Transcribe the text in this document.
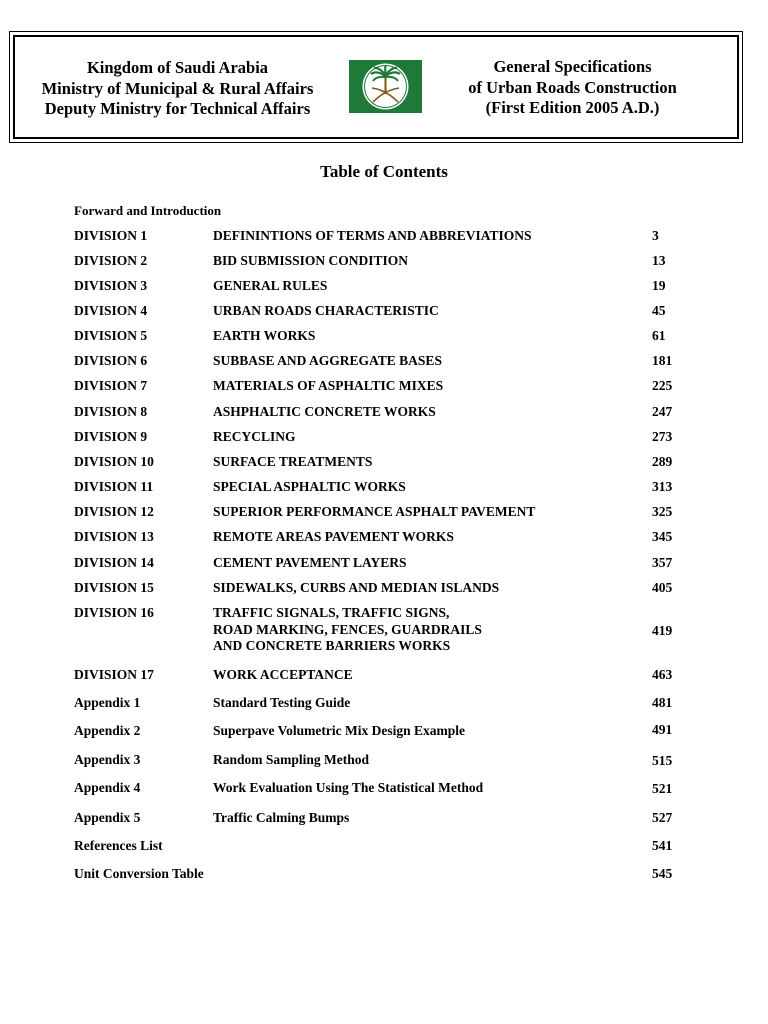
Kingdom of Saudi Arabia
Ministry of Municipal & Rural Affairs
Deputy Ministry for Technical Affairs
General Specifications
of Urban Roads Construction
(First Edition 2005 A.D.)
Table of Contents
Forward and Introduction
DIVISION 1	DEFININTIONS OF TERMS AND ABBREVIATIONS	3
DIVISION 2	BID SUBMISSION CONDITION	13
DIVISION 3	GENERAL RULES	19
DIVISION 4	URBAN ROADS CHARACTERISTIC	45
DIVISION 5	EARTH WORKS	61
DIVISION 6	SUBBASE AND AGGREGATE BASES	181
DIVISION 7	MATERIALS OF ASPHALTIC MIXES	225
DIVISION 8	ASHPHALTIC CONCRETE WORKS	247
DIVISION 9	RECYCLING	273
DIVISION 10	SURFACE TREATMENTS	289
DIVISION 11	SPECIAL ASPHALTIC WORKS	313
DIVISION 12	SUPERIOR PERFORMANCE ASPHALT PAVEMENT	325
DIVISION 13	REMOTE AREAS PAVEMENT WORKS	345
DIVISION 14	CEMENT PAVEMENT LAYERS	357
DIVISION 15	SIDEWALKS, CURBS AND MEDIAN ISLANDS	405
DIVISION 16	TRAFFIC SIGNALS, TRAFFIC SIGNS,
ROAD MARKING, FENCES, GUARDRAILS
AND CONCRETE BARRIERS WORKS
419
DIVISION 17	WORK ACCEPTANCE	463
Appendix 1	Standard Testing Guide	481
Appendix 2	Superpave Volumetric Mix Design Example	491
Appendix 3	Random Sampling Method	515
Appendix 4	Work Evaluation Using The Statistical Method	521
Appendix 5	Traffic Calming Bumps	527
References List	541
Unit Conversion Table	545
